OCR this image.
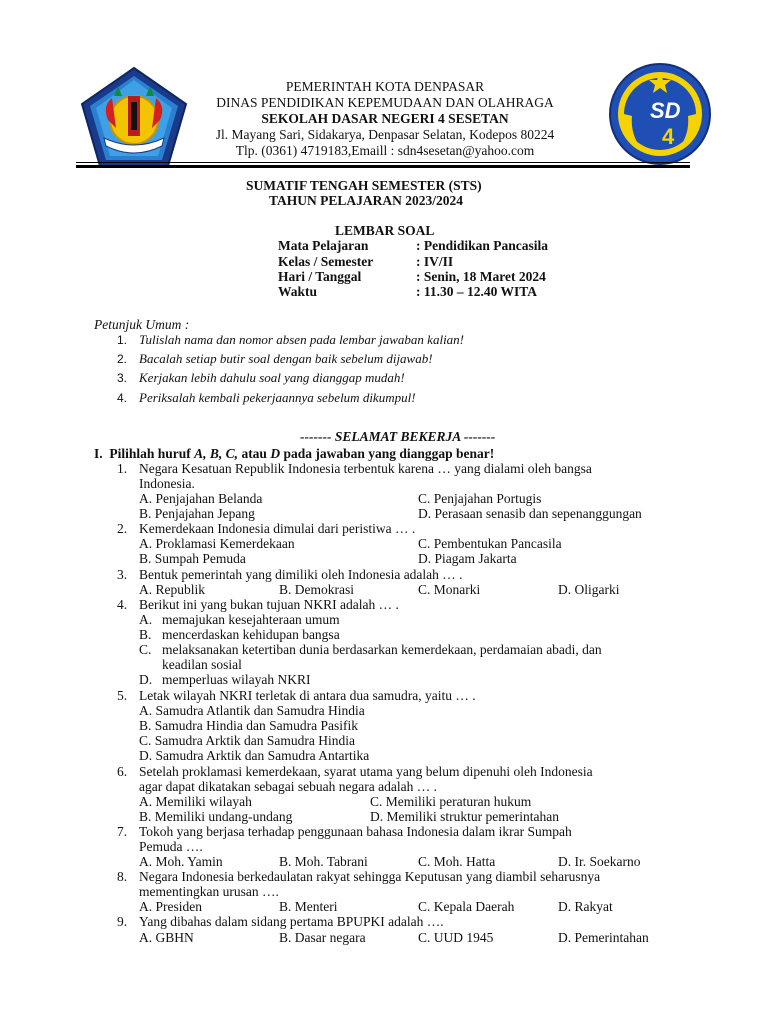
SD
4
PEMERINTAH KOTA DENPASAR
DINAS PENDIDIKAN KEPEMUDAAN DAN OLAHRAGA
SEKOLAH DASAR NEGERI 4 SESETAN
Jl. Mayang Sari, Sidakarya, Denpasar Selatan, Kodepos 80224
Tlp. (0361) 4719183,Emaill : sdn4sesetan@yahoo.com
SUMATIF TENGAH SEMESTER (STS)
TAHUN PELAJARAN 2023/2024
LEMBAR SOAL
Mata Pelajaran	: Pendidikan Pancasila
Kelas / Semester	: IV/II
Hari / Tanggal	: Senin, 18 Maret 2024
Waktu	: 11.30 – 12.40 WITA
Petunjuk Umum :
1. Tulislah nama dan nomor absen pada lembar jawaban kalian!
2. Bacalah setiap butir soal dengan baik sebelum dijawab!
3. Kerjakan lebih dahulu soal yang dianggap mudah!
4. Periksalah kembali pekerjaannya sebelum dikumpul!
------- SELAMAT BEKERJA -------
I. Pilihlah huruf A, B, C, atau D pada jawaban yang dianggap benar!
1. Negara Kesatuan Republik Indonesia terbentuk karena … yang dialami oleh bangsa
Indonesia.
A. Penjajahan Belanda	C. Penjajahan Portugis
B. Penjajahan Jepang	D. Perasaan senasib dan sepenanggungan
2. Kemerdekaan Indonesia dimulai dari peristiwa … .
A. Proklamasi Kemerdekaan	C. Pembentukan Pancasila
B. Sumpah Pemuda	D. Piagam Jakarta
3. Bentuk pemerintah yang dimiliki oleh Indonesia adalah … .
A. Republik	B. Demokrasi	C. Monarki	D. Oligarki
4. Berikut ini yang bukan tujuan NKRI adalah … .
A. memajukan kesejahteraan umum
B. mencerdaskan kehidupan bangsa
C. melaksanakan ketertiban dunia berdasarkan kemerdekaan, perdamaian abadi, dan
keadilan sosial
D. memperluas wilayah NKRI
5. Letak wilayah NKRI terletak di antara dua samudra, yaitu … .
A. Samudra Atlantik dan Samudra Hindia
B. Samudra Hindia dan Samudra Pasifik
C. Samudra Arktik dan Samudra Hindia
D. Samudra Arktik dan Samudra Antartika
6. Setelah proklamasi kemerdekaan, syarat utama yang belum dipenuhi oleh Indonesia
agar dapat dikatakan sebagai sebuah negara adalah … .
A. Memiliki wilayah	C. Memiliki peraturan hukum
B. Memiliki undang-undang	D. Memiliki struktur pemerintahan
7. Tokoh yang berjasa terhadap penggunaan bahasa Indonesia dalam ikrar Sumpah
Pemuda ….
A. Moh. Yamin	B. Moh. Tabrani	C. Moh. Hatta	D. Ir. Soekarno
8. Negara Indonesia berkedaulatan rakyat sehingga Keputusan yang diambil seharusnya
mementingkan urusan ….
A. Presiden	B. Menteri	C. Kepala Daerah	D. Rakyat
9. Yang dibahas dalam sidang pertama BPUPKI adalah ….
A. GBHN	B. Dasar negara	C. UUD 1945	D. Pemerintahan
